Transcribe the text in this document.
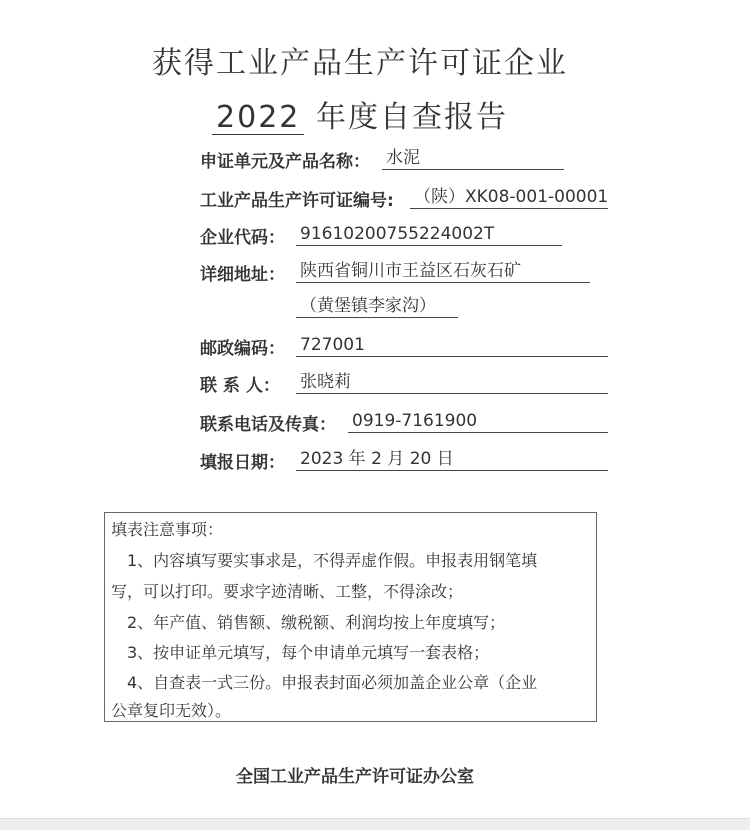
获得工业产品生产许可证企业
2022 年度自查报告
申证单元及产品名称： 水泥
工业产品生产许可证编号: （陕）XK08-001-00001
企业代码： 91610200755224002T
详细地址： 陕西省铜川市王益区石灰石矿
（黄堡镇李家沟）
邮政编码： 727001
联 系 人： 张晓莉
联系电话及传真： 0919-7161900
填报日期： 2023 年 2 月 20 日
填表注意事项：
1、内容填写要实事求是，不得弄虚作假。申报表用钢笔填
写，可以打印。要求字迹清晰、工整，不得涂改；
2、年产值、销售额、缴税额、利润均按上年度填写；
3、按申证单元填写，每个申请单元填写一套表格；
4、自查表一式三份。申报表封面必须加盖企业公章（企业
公章复印无效）。
全国工业产品生产许可证办公室
